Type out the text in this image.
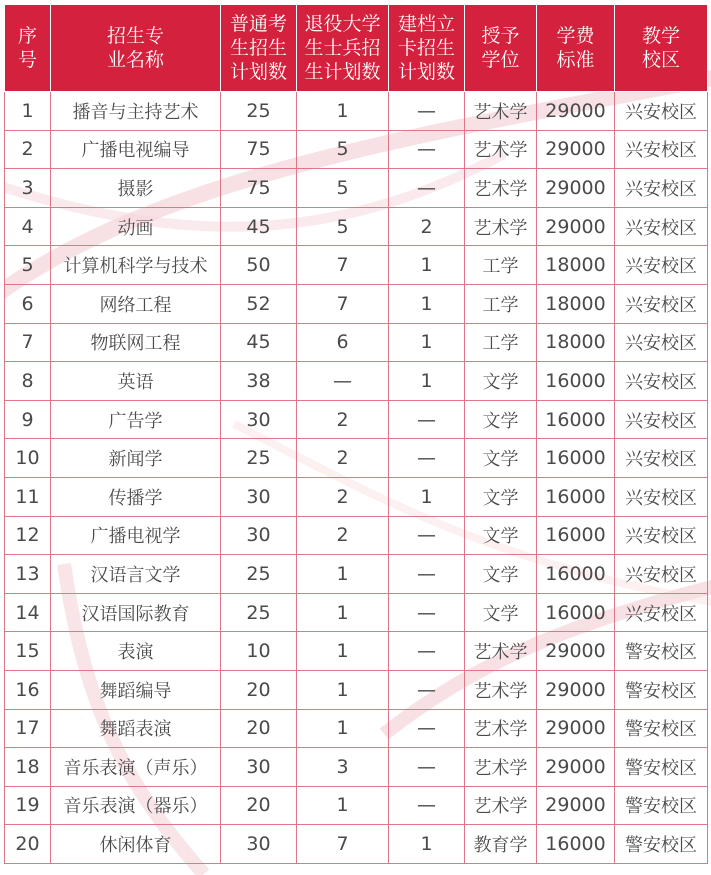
序
号	招生专
业名称	普通考
生招生
计划数	退役大学
生士兵招
生计划数	建档立
卡招生
计划数	授予
学位	学费
标准	教学
校区
1	播音与主持艺术	25	1	—	艺术学	29000	兴安校区
2	广播电视编导	75	5	—	艺术学	29000	兴安校区
3	摄影	75	5	—	艺术学	29000	兴安校区
4	动画	45	5	2	艺术学	29000	兴安校区
5	计算机科学与技术	50	7	1	工学	18000	兴安校区
6	网络工程	52	7	1	工学	18000	兴安校区
7	物联网工程	45	6	1	工学	18000	兴安校区
8	英语	38	—	1	文学	16000	兴安校区
9	广告学	30	2	—	文学	16000	兴安校区
10	新闻学	25	2	—	文学	16000	兴安校区
11	传播学	30	2	1	文学	16000	兴安校区
12	广播电视学	30	2	—	文学	16000	兴安校区
13	汉语言文学	25	1	—	文学	16000	兴安校区
14	汉语国际教育	25	1	—	文学	16000	兴安校区
15	表演	10	1	—	艺术学	29000	警安校区
16	舞蹈编导	20	1	—	艺术学	29000	警安校区
17	舞蹈表演	20	1	—	艺术学	29000	警安校区
18	音乐表演（声乐）	30	3	—	艺术学	29000	警安校区
19	音乐表演（器乐）	20	1	—	艺术学	29000	警安校区
20	休闲体育	30	7	1	教育学	16000	警安校区
